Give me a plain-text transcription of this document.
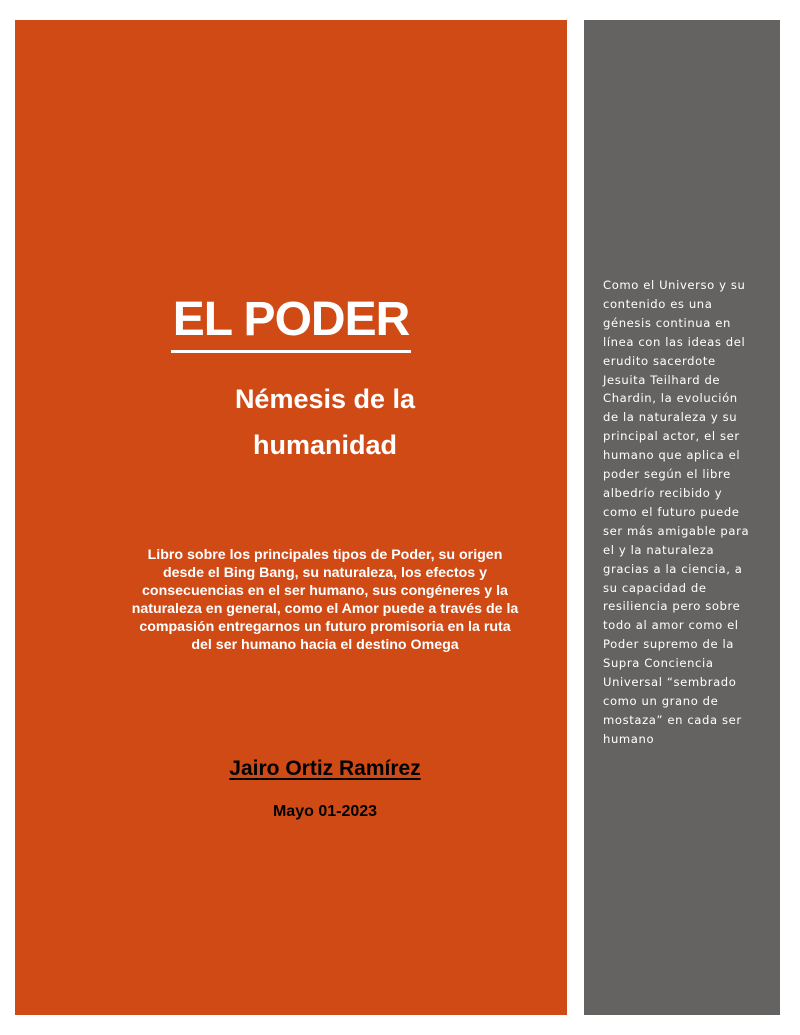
EL PODER
Némesis de la
humanidad

Libro sobre los principales tipos de Poder, su origen
desde el Bing Bang, su naturaleza, los efectos y
consecuencias en el ser humano, sus congéneres y la
naturaleza en general, como el Amor puede a través de la
compasión entregarnos un futuro promisoria en la ruta
del ser humano hacia el destino Omega

Jairo Ortiz Ramírez

Mayo 01-2023

Como el Universo y su
contenido es una
génesis continua en
línea con las ideas del
erudito sacerdote
Jesuita Teilhard de
Chardin, la evolución
de la naturaleza y su
principal actor, el ser
humano que aplica el
poder según el libre
albedrío recibido y
como el futuro puede
ser más amigable para
el y la naturaleza
gracias a la ciencia, a
su capacidad de
resiliencia pero sobre
todo al amor como el
Poder supremo de la
Supra Conciencia
Universal “sembrado
como un grano de
mostaza” en cada ser
humano
